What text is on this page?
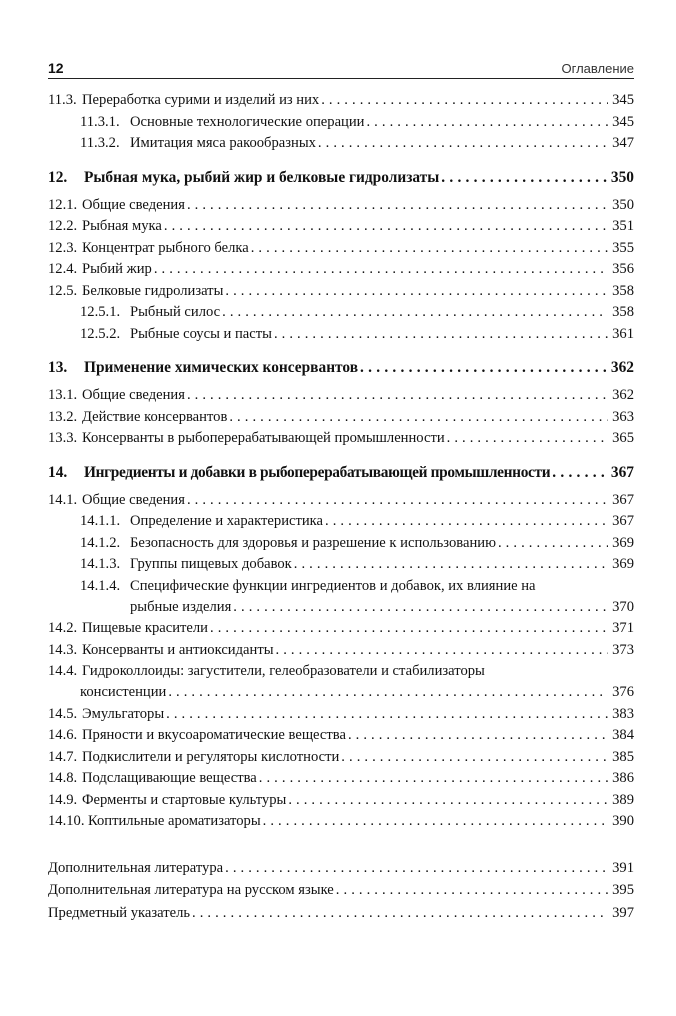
12	Оглавление
11.3. Переработка сурими и изделий из них . . .	345
11.3.1. Основные технологические операции . . .	345
11.3.2. Имитация мяса ракообразных . . .	347
12.	Рыбная мука, рыбий жир и белковые гидролизаты . . .	350
12.1. Общие сведения . . .	350
12.2. Рыбная мука . . .	351
12.3. Концентрат рыбного белка . . .	355
12.4. Рыбий жир . . .	356
12.5. Белковые гидролизаты . . .	358
12.5.1. Рыбный силос . . .	358
12.5.2. Рыбные соусы и пасты . . .	361
13.	Применение химических консервантов . . .	362
13.1. Общие сведения . . .	362
13.2. Действие консервантов . . .	363
13.3. Консерванты в рыбоперерабатывающей промышленности . . .	365
14.	Ингредиенты и добавки в рыбоперерабатывающей промышленности . . .	367
14.1. Общие сведения . . .	367
14.1.1. Определение и характеристика . . .	367
14.1.2. Безопасность для здоровья и разрешение к использованию . . .	369
14.1.3. Группы пищевых добавок . . .	369
14.1.4. Специфические функции ингредиентов и добавок, их влияние на
рыбные изделия . . .	370
14.2. Пищевые красители . . .	371
14.3. Консерванты и антиоксиданты . . .	373
14.4. Гидроколлоиды: загустители, гелеобразователи и стабилизаторы
консистенции . . .	376
14.5. Эмульгаторы . . .	383
14.6. Пряности и вкусоароматические вещества . . .	384
14.7. Подкислители и регуляторы кислотности . . .	385
14.8. Подслащивающие вещества . . .	386
14.9. Ферменты и стартовые культуры . . .	389
14.10. Коптильные ароматизаторы . . .	390
Дополнительная литература . . .	391
Дополнительная литература на русском языке . . .	395
Предметный указатель . . .	397
